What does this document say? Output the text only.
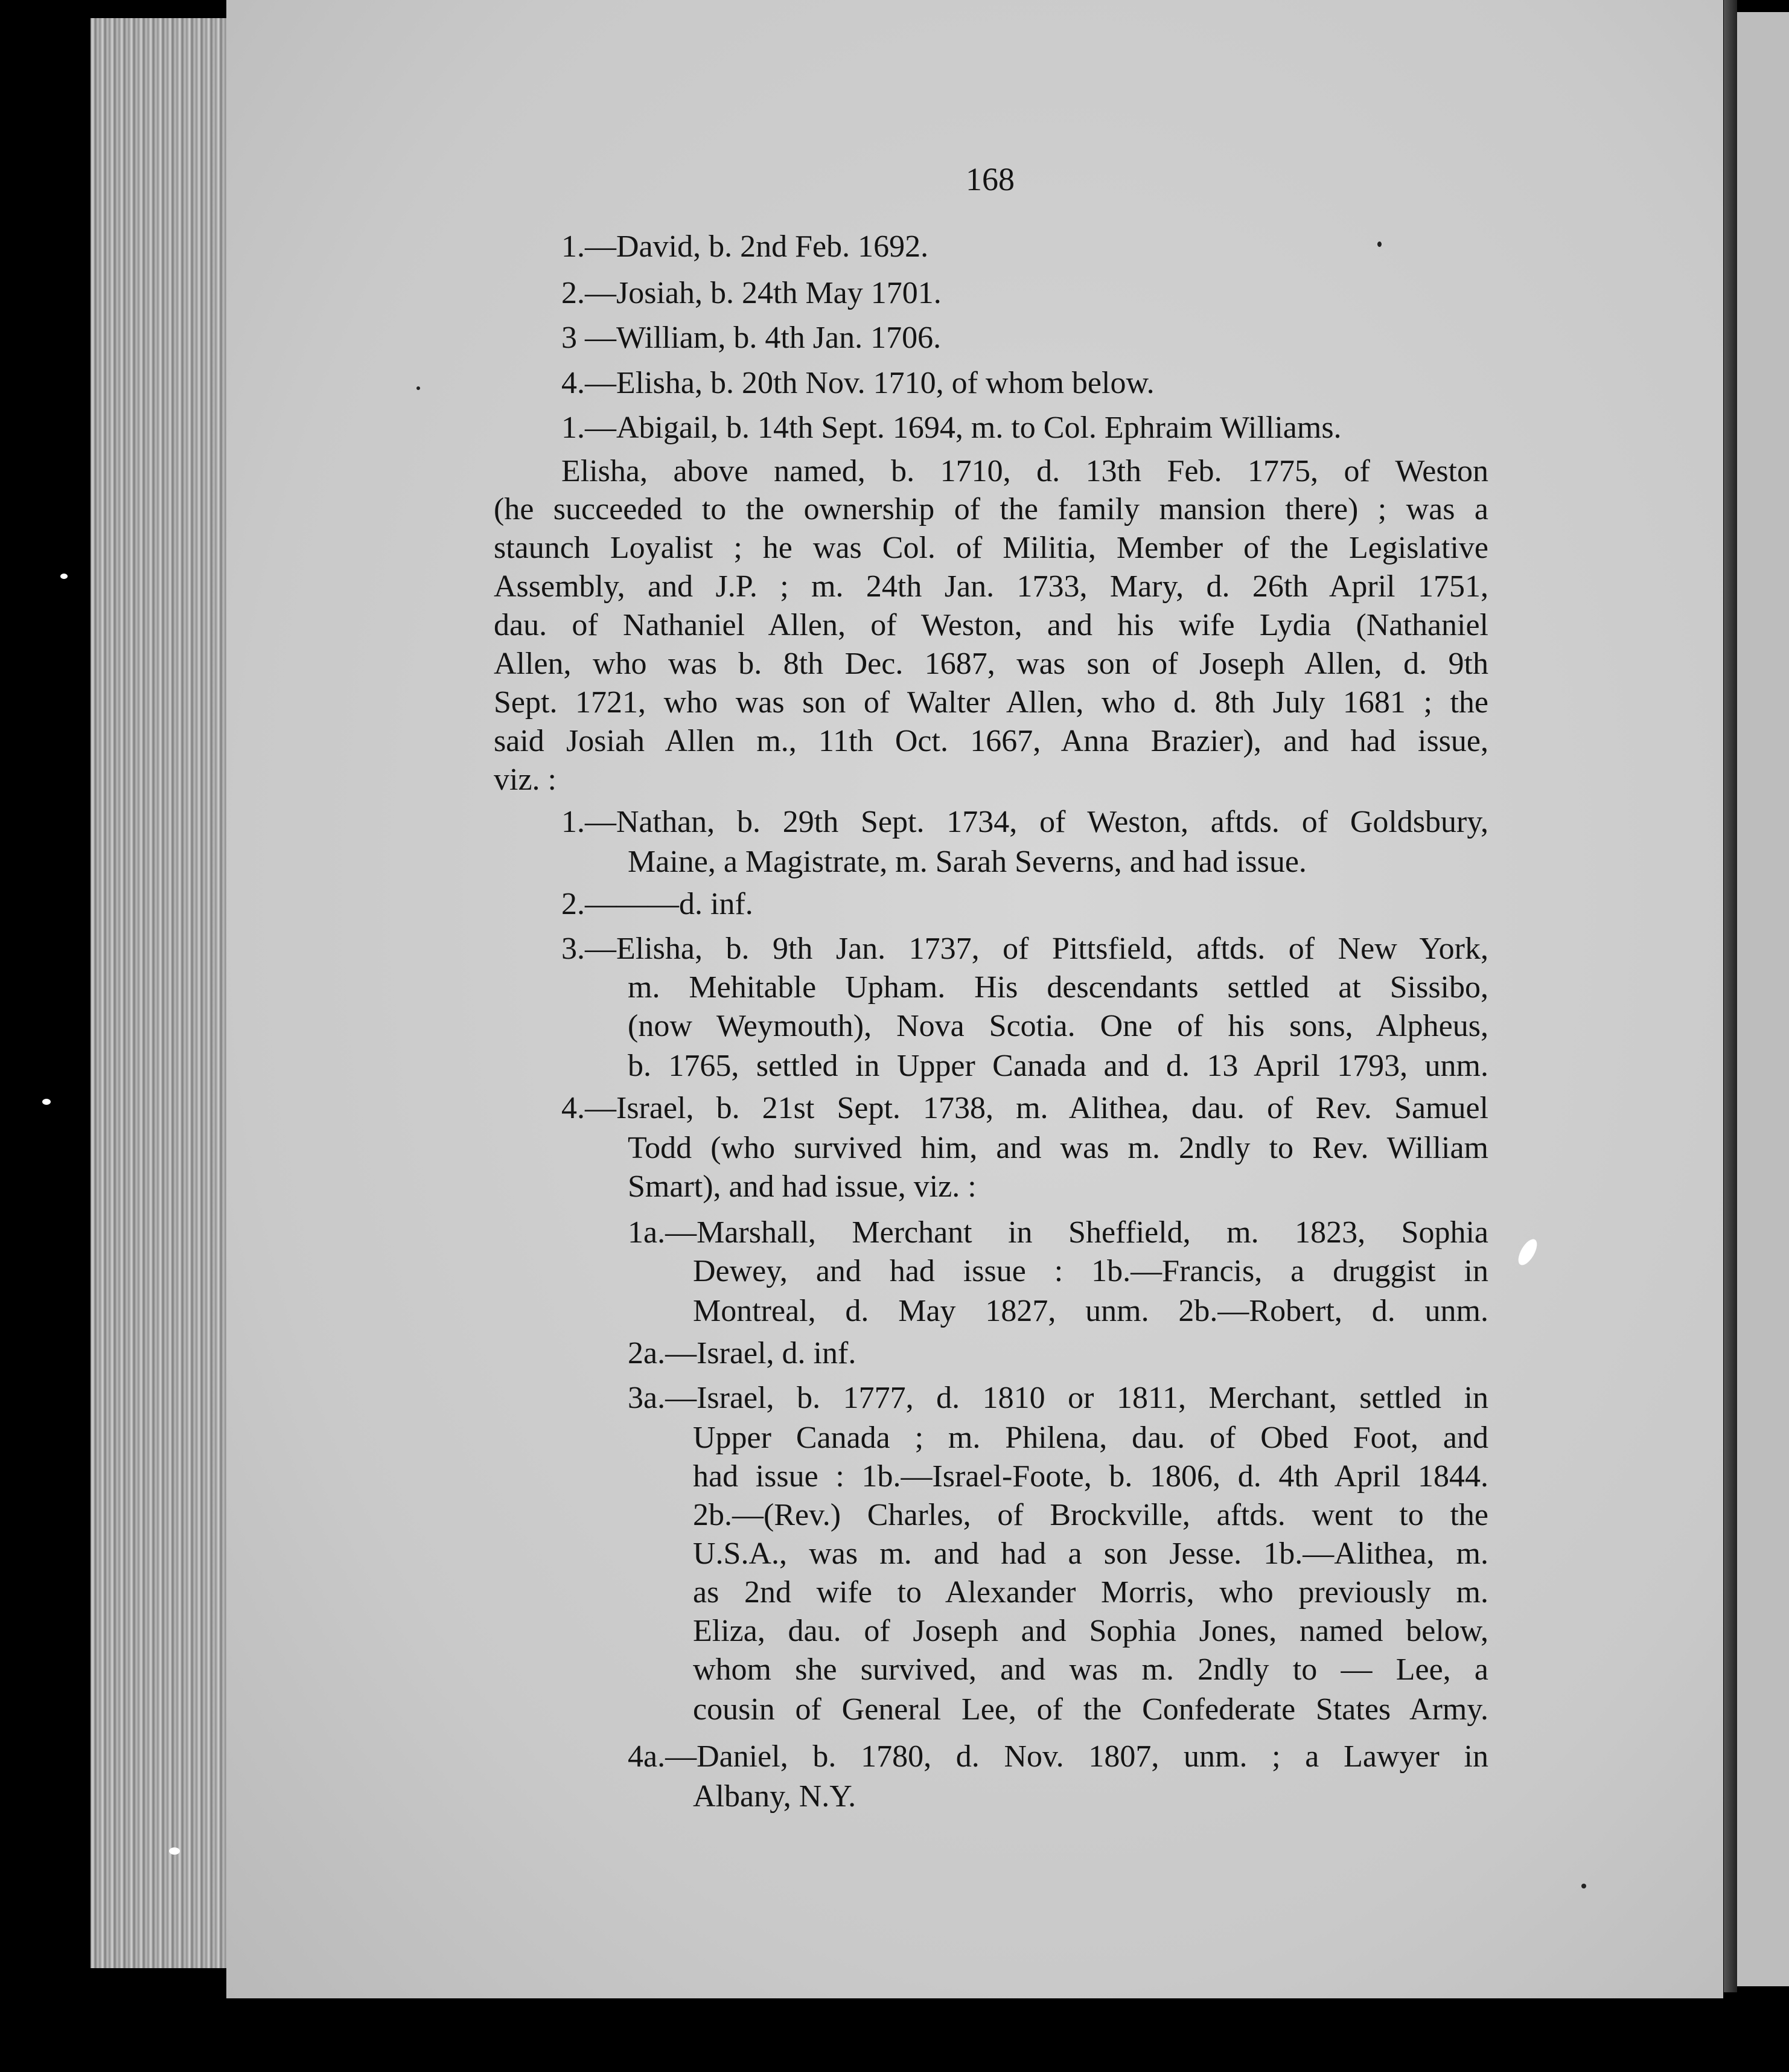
168
1.—David, b. 2nd Feb. 1692.
2.—Josiah, b. 24th May 1701.
3 —William, b. 4th Jan. 1706.
4.—Elisha, b. 20th Nov. 1710, of whom below.
1.—Abigail, b. 14th Sept. 1694, m. to Col. Ephraim Williams.
Elisha, above named, b. 1710, d. 13th Feb. 1775, of Weston
(he succeeded to the ownership of the family mansion there) ; was a
staunch Loyalist ; he was Col. of Militia, Member of the Legislative
Assembly, and J.P. ; m. 24th Jan. 1733, Mary, d. 26th April 1751,
dau. of Nathaniel Allen, of Weston, and his wife Lydia (Nathaniel
Allen, who was b. 8th Dec. 1687, was son of Joseph Allen, d. 9th
Sept. 1721, who was son of Walter Allen, who d. 8th July 1681 ; the
said Josiah Allen m., 11th Oct. 1667, Anna Brazier), and had issue,
viz. :
1.—Nathan, b. 29th Sept. 1734, of Weston, aftds. of Goldsbury,
Maine, a Magistrate, m. Sarah Severns, and had issue.
2.———d. inf.
3.—Elisha, b. 9th Jan. 1737, of Pittsfield, aftds. of New York,
m. Mehitable Upham. His descendants settled at Sissibo,
(now Weymouth), Nova Scotia. One of his sons, Alpheus,
b. 1765, settled in Upper Canada and d. 13 April 1793, unm.
4.—Israel, b. 21st Sept. 1738, m. Alithea, dau. of Rev. Samuel
Todd (who survived him, and was m. 2ndly to Rev. William
Smart), and had issue, viz. :
1a.—Marshall, Merchant in Sheffield, m. 1823, Sophia
Dewey, and had issue : 1b.—Francis, a druggist in
Montreal, d. May 1827, unm. 2b.—Robert, d. unm.
2a.—Israel, d. inf.
3a.—Israel, b. 1777, d. 1810 or 1811, Merchant, settled in
Upper Canada ; m. Philena, dau. of Obed Foot, and
had issue : 1b.—Israel-Foote, b. 1806, d. 4th April 1844.
2b.—(Rev.) Charles, of Brockville, aftds. went to the
U.S.A., was m. and had a son Jesse. 1b.—Alithea, m.
as 2nd wife to Alexander Morris, who previously m.
Eliza, dau. of Joseph and Sophia Jones, named below,
whom she survived, and was m. 2ndly to — Lee, a
cousin of General Lee, of the Confederate States Army.
4a.—Daniel, b. 1780, d. Nov. 1807, unm. ; a Lawyer in
Albany, N.Y.
